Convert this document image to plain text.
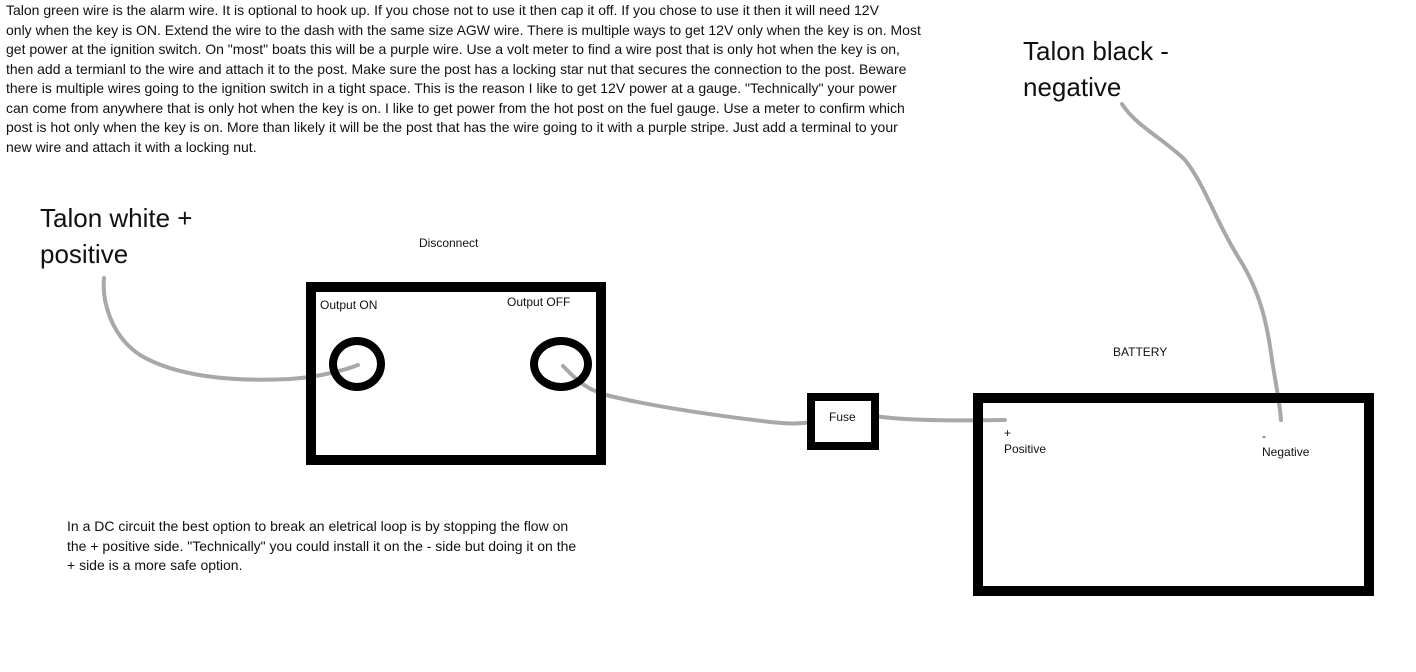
Talon green wire is the alarm wire. It is optional to hook up. If you chose not to use it then cap it off. If you chose to use it then it will need 12V
only when the key is ON. Extend the wire to the dash with the same size AGW wire. There is multiple ways to get 12V only when the key is on. Most
get power at the ignition switch. On "most" boats this will be a purple wire. Use a volt meter to find a wire post that is only hot when the key is on,
then add a termianl to the wire and attach it to the post. Make sure the post has a locking star nut that secures the connection to the post. Beware
there is multiple wires going to the ignition switch in a tight space. This is the reason I like to get 12V power at a gauge. "Technically" your power
can come from anywhere that is only hot when the key is on. I like to get power from the hot post on the fuel gauge. Use a meter to confirm which
post is hot only when the key is on. More than likely it will be the post that has the wire going to it with a purple stripe. Just add a terminal to your
new wire and attach it with a locking nut.
Talon white +
positive
Talon black -
negative
Disconnect
Output ON	Output OFF
Fuse
BATTERY
+
Positive
-
Negative
In a DC circuit the best option to break an eletrical loop is by stopping the flow on
the + positive side. "Technically" you could install it on the - side but doing it on the
+ side is a more safe option.
